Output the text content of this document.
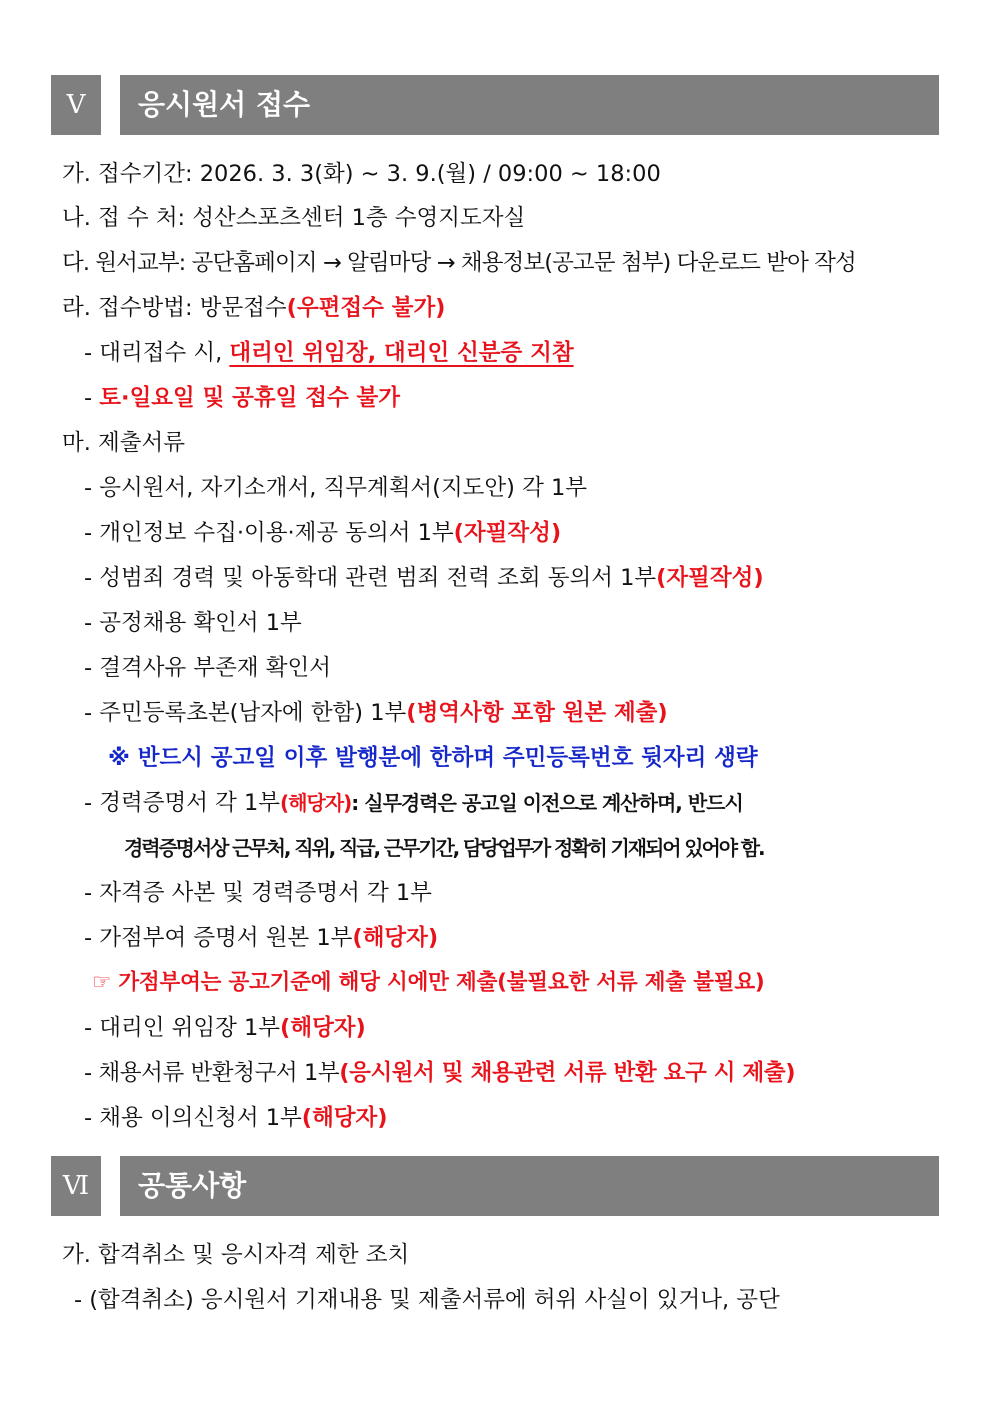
Ⅴ	응시원서 접수
가. 접수기간: 2026. 3. 3(화) ~ 3. 9.(월) / 09:00 ~ 18:00
나. 접 수 처: 성산스포츠센터 1층 수영지도자실
다. 원서교부: 공단홈페이지 → 알림마당 → 채용정보(공고문 첨부) 다운로드 받아 작성
라. 접수방법: 방문접수(우편접수 불가)
- 대리접수 시, 대리인 위임장, 대리인 신분증 지참
- 토·일요일 및 공휴일 접수 불가
마. 제출서류
- 응시원서, 자기소개서, 직무계획서(지도안) 각 1부
- 개인정보 수집·이용·제공 동의서 1부(자필작성)
- 성범죄 경력 및 아동학대 관련 범죄 전력 조회 동의서 1부(자필작성)
- 공정채용 확인서 1부
- 결격사유 부존재 확인서
- 주민등록초본(남자에 한함) 1부(병역사항 포함 원본 제출)
※ 반드시 공고일 이후 발행분에 한하며 주민등록번호 뒷자리 생략
- 경력증명서 각 1부(해당자): 실무경력은 공고일 이전으로 계산하며, 반드시
경력증명서상 근무처, 직위, 직급, 근무기간, 담당업무가 정확히 기재되어 있어야 함.
- 자격증 사본 및 경력증명서 각 1부
- 가점부여 증명서 원본 1부(해당자)
☞ 가점부여는 공고기준에 해당 시에만 제출(불필요한 서류 제출 불필요)
- 대리인 위임장 1부(해당자)
- 채용서류 반환청구서 1부(응시원서 및 채용관련 서류 반환 요구 시 제출)
- 채용 이의신청서 1부(해당자)
Ⅵ	공통사항
가. 합격취소 및 응시자격 제한 조치
- (합격취소) 응시원서 기재내용 및 제출서류에 허위 사실이 있거나, 공단
